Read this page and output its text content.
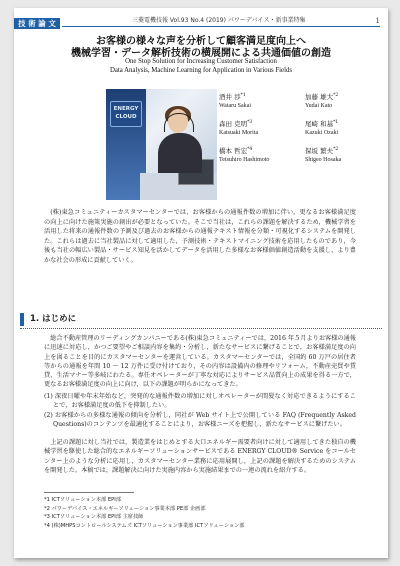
技 術 論 文	三菱電機技報 Vol.93 No.4 (2019) パワーデバイス・新事業特集	1
お客様の様々な声を分析して顧客満足度向上へ
機械学習・データ解析技術の横展開による共通価値の創造
One Stop Solution for Increasing Customer Satisfaction
Data Analysis, Machine Learning for Application in Various Fields
ENERGY
CLOUD
酒井 渉$^{*1}$
Wataru Sakai
加藤 雄大$^{*2}$
Yudai Kato
森田 克明$^{*3}$
Katsuaki Morita
尾崎 和基$^{*1}$
Kazuki Ozaki
橋本 哲宏$^{*4}$
Tetsuhiro Hashimoto
保坂 繁夫$^{*2}$
Shigeo Hosaka
(株)東急コミュニティーカスタマーセンターでは，お客様からの通報件数の増加に伴い，更なるお客様満足度の向上に向けた施策実施の創出が必要となっていた。そこで当社は，これらの課題を解決するため，機械学習を活用した将来の通報件数の予測及び過去のお客様からの通報テキスト情報を分類・可視化するシステムを開発した。これらは過去に当社製品に対して適用した，予測技術・テキストマイニング技術を応用したものであり，今後も当社の幅広い製品・サービス知見を活かしてデータを活用した多様なお客様価値創造活動を支援し，より豊かな社会の形成に貢献していく。
1. はじめに
総合不動産管理のリーディングカンパニーである(株)東急コミュニティーでは，2016 年５月よりお客様の通報に迅速に対応し，かつご要望やご相談内容を集約・分析し，新たなサービスに繋げることで，お客様満足度の向上を図ることを目的にカスタマーセンターを運営している。カスタマーセンターでは，全国約 60 万戸の居住者等からの通報を年間 10 ～ 12 万件に受け付けており，その内容は設備内の修理やリフォーム，不動産売買や賃貸，生活マナー等多岐にわたる。専任オペレーターが丁寧な対応によりサービス品質向上の成果を得る一方で，更なるお客様満足度の向上に向け，以下の課題が明らかになってきた。
(1) 深夜日曜や年末年始など，突発的な通報件数の増加に対しオペレーターが間髪なく対応できるようにすることで，お客様満足度の低下を抑制したい。
(2) お客様からの多様な通報の傾向を分析し，同社が Web サイト上で公開している FAQ (Frequently Asked Questions)のコンテンツを最適化することにより，お客様ニーズを把握し，新たなサービスに繋げたい。
上記の課題に対し当社では，製造業をはじめとする大口エネルギー需要者向けに対して適用してきた独自の機械学習を駆使した総合的なエネルギーソリューションサービスである ENERGY CLOUD® Service をコールセンター上のような分析に応用し，カスタマーセンター業務に応用展開し，上記の課題を解決するためのシステムを開発した。本稿では，課題解決に向けた実施内容から実施結果までの一連の流れを紹介する。
*1 ICTソリューション本部 EPI部
*2 パワーデバイス・エネルギーソリューション事業本部 PE部 企画部
*3 ICTソリューション本部 EPI部 主席技師
*4 (株)MHPSコントロールシステムズ ICTソリューション事業部 ICTソリューション部
